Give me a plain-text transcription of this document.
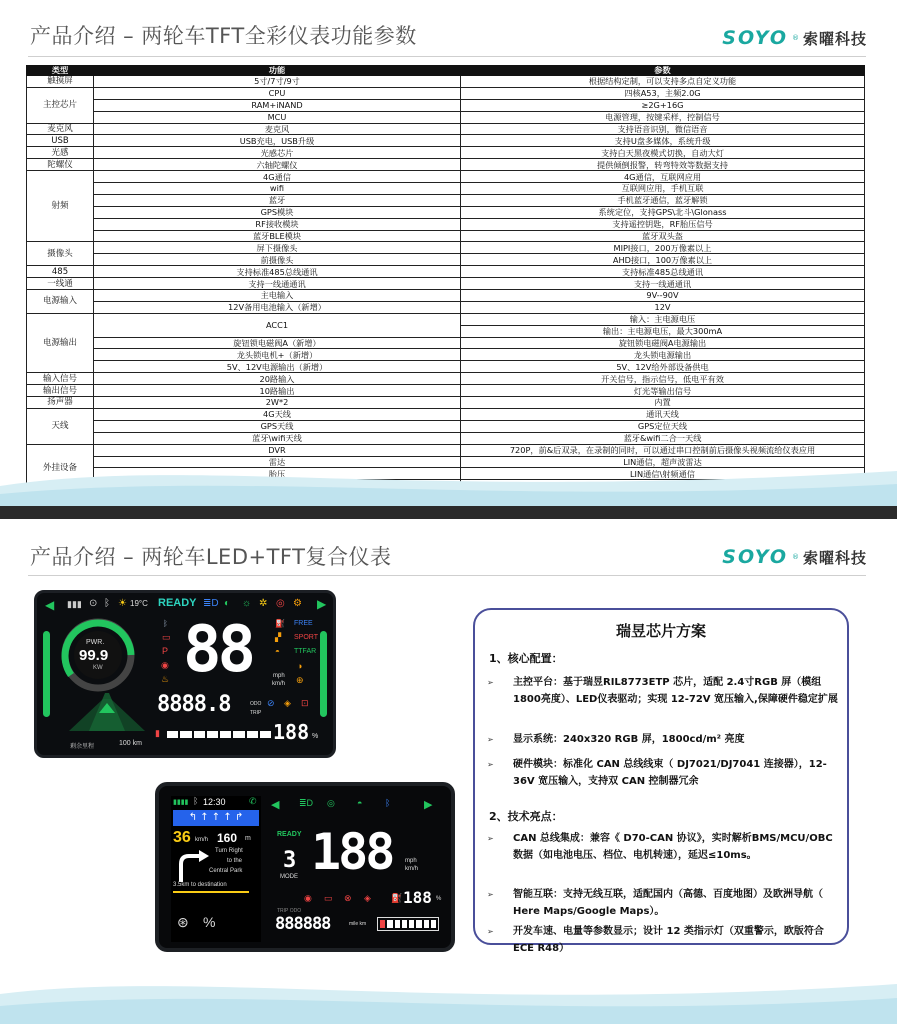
产品介绍 – 两轮车TFT全彩仪表功能参数	SOYO ® 索曜科技
类型	功能	参数
触摸屏	5寸/7寸/9寸	根据结构定制，可以支持多点自定义功能
主控芯片	CPU	四核A53，主频2.0G
	RAM+iNAND	≥2G+16G
	MCU	电源管理，按键采样，控制信号
麦克风	麦克风	支持语音识别，微信语音
USB	USB充电，USB升级	支持U盘多媒体，系统升级
光感	光感芯片	支持白天黑夜模式切换，自动大灯
陀螺仪	六轴陀螺仪	提供倾倒报警，转弯特效等数据支持
射频	4G通信	4G通信，互联网应用
	wifi	互联网应用，手机互联
	蓝牙	手机蓝牙通信，蓝牙解锁
	GPS模块	系统定位，支持GPS\北斗\Glonass
	RF接收模块	支持遥控钥匙，RF胎压信号
	蓝牙BLE模块	蓝牙双头盔
摄像头	屏下摄像头	MIPI接口，200万像素以上
	前摄像头	AHD接口，100万像素以上
485	支持标准485总线通讯	支持标准485总线通讯
一线通	支持一线通通讯	支持一线通通讯
电源输入	主电输入	9V--90V
	12V备用电池输入（新增）	12V
电源输出	ACC1	输入：主电源电压
		输出：主电源电压，最大300mA
	旋钮锁电磁阀A（新增）	旋钮锁电磁阀A电源输出
	龙头锁电机+（新增）	龙头锁电源输出
	5V、12V电源输出（新增）	5V、12V给外部设备供电
输入信号	20路输入	开关信号，指示信号，低电平有效
输出信号	10路输出	灯光等输出信号
扬声器	2W*2	内置
天线	4G天线	通讯天线
	GPS天线	GPS定位天线
	蓝牙\wifi天线	蓝牙&wifi二合一天线
外挂设备	DVR	720P，前&后双录，在录制的同时，可以通过串口控制前后摄像头视频流给仪表应用
	雷达	LIN通信，超声波雷达
	胎压	LIN通信\射频通信

产品介绍 – 两轮车LED+TFT复合仪表	SOYO ® 索曜科技
◀ ▮▮▮ ⊙ ᛒ ☀ 19°C READY ≣D ◐ ☼ ✲ ◎ ⚙ ▶
PWR.
99.9
KW
剩余里程	100 km
ᛒ
▭
P
◉
♨ 88	mph
km/h
⛽ FREE
▞ SPORT
◓ TTFAR
◑
⊕
8888.8	ODO
TRIP
⊘ ◈ ⊡
▮	188 %
▮▮▮▮ ᛒ 12:30	✆
↰ ↑ ↑ ↑ ↱
36 km/h 160 m
Turn Right
to the
Central Park
3.5km to destination
⊛ %
◀ ≣D ◎ ◓	ᛒ	▶
READY
3
MODE 188 mph
km/h
◉ ▭ ⊗ ◈ ⛽ 188 %
TRIP ODO
888888	mile km
瑞昱芯片方案
1、核心配置：
➢	主控平台：基于瑞昱RIL8773ETP 芯片，适配 2.4寸RGB 屏（模组1800亮度）、LED仪表驱动；实现 12-72V 宽压输入,保障硬件稳定扩展
➢	显示系统：240x320 RGB 屏，1800cd/m² 亮度
➢	硬件模块：标准化 CAN 总线线束（ DJ7021/DJ7041 连接器），12-36V 宽压输入，支持双 CAN 控制器冗余
2、技术亮点：
➢	CAN 总线集成：兼容《 D70-CAN 协议》，实时解析BMS/MCU/OBC 数据（如电池电压、档位、电机转速），延迟≤10ms。
➢	智能互联：支持无线互联，适配国内（高德、百度地图）及欧洲导航（ Here Maps/Google Maps）。
➢	开发车速、电量等参数显示；设计 12 类指示灯（双重警示，欧版符合 ECE R48）
